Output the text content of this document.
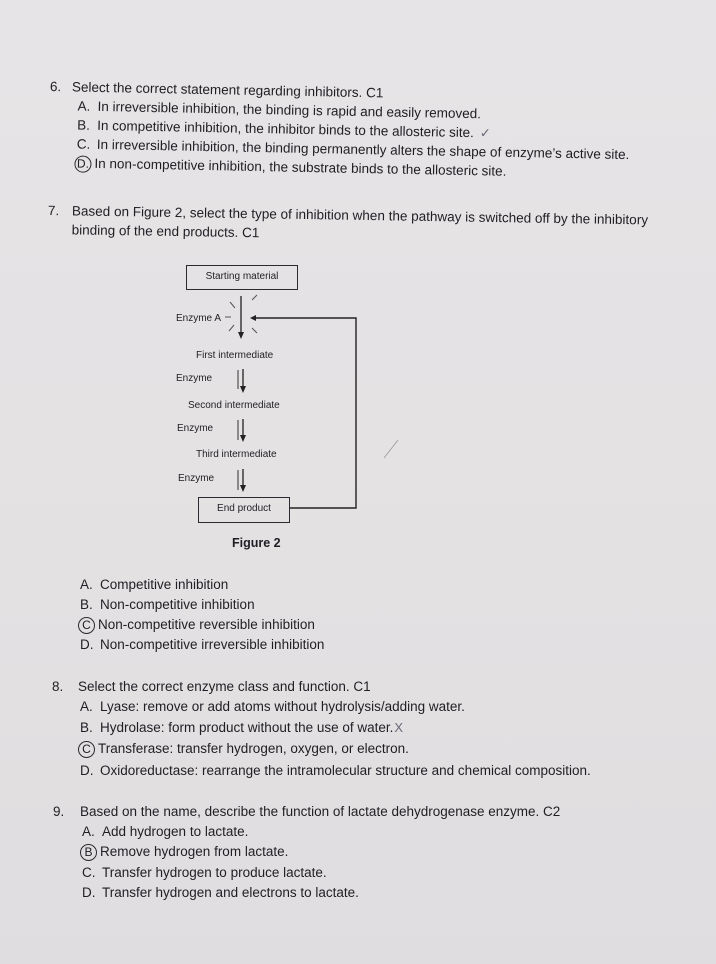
6. Select the correct statement regarding inhibitors. C1
A. In irreversible inhibition, the binding is rapid and easily removed.
B. In competitive inhibition, the inhibitor binds to the allosteric site. ✓
C. In irreversible inhibition, the binding permanently alters the shape of enzyme’s active site.
D. In non-competitive inhibition, the substrate binds to the allosteric site.
7. Based on Figure 2, select the type of inhibition when the pathway is switched off by the inhibitory
binding of the end products. C1
Starting material
Enzyme A
First intermediate
Enzyme
Second intermediate
Enzyme
Third intermediate
Enzyme
End product
Figure 2
A. Competitive inhibition
B. Non-competitive inhibition
C Non-competitive reversible inhibition
D. Non-competitive irreversible inhibition
8. Select the correct enzyme class and function. C1
A. Lyase: remove or add atoms without hydrolysis/adding water.
B. Hydrolase: form product without the use of water.X
C Transferase: transfer hydrogen, oxygen, or electron.
D. Oxidoreductase: rearrange the intramolecular structure and chemical composition.
9. Based on the name, describe the function of lactate dehydrogenase enzyme. C2
A. Add hydrogen to lactate.
B Remove hydrogen from lactate.
C. Transfer hydrogen to produce lactate.
D. Transfer hydrogen and electrons to lactate.
